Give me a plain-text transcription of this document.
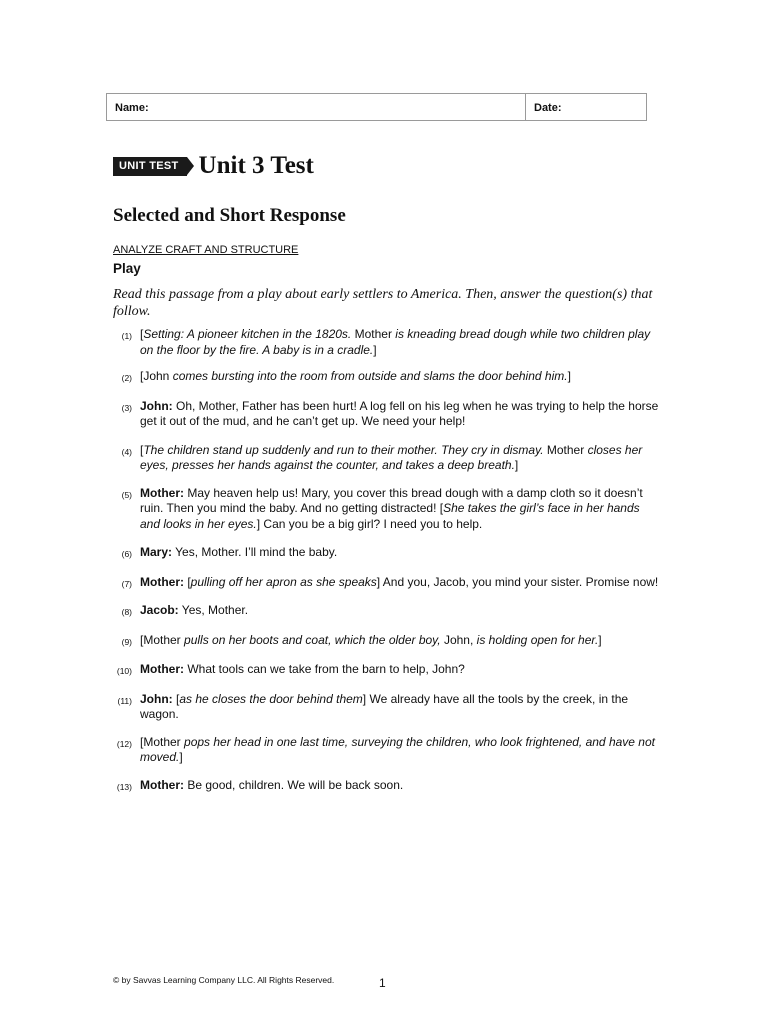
Name:	Date:
UNIT TEST Unit 3 Test
Selected and Short Response
ANALYZE CRAFT AND STRUCTURE
Play
Read this passage from a play about early settlers to America. Then, answer the question(s) that follow.
(1) [Setting: A pioneer kitchen in the 1820s. Mother is kneading bread dough while two children play on the floor by the fire. A baby is in a cradle.]
(2) [John comes bursting into the room from outside and slams the door behind him.]
(3) John: Oh, Mother, Father has been hurt! A log fell on his leg when he was trying to help the horse get it out of the mud, and he can’t get up. We need your help!
(4) [The children stand up suddenly and run to their mother. They cry in dismay. Mother closes her eyes, presses her hands against the counter, and takes a deep breath.]
(5) Mother: May heaven help us! Mary, you cover this bread dough with a damp cloth so it doesn’t ruin. Then you mind the baby. And no getting distracted! [She takes the girl’s face in her hands and looks in her eyes.] Can you be a big girl? I need you to help.
(6) Mary: Yes, Mother. I’ll mind the baby.
(7) Mother: [pulling off her apron as she speaks] And you, Jacob, you mind your sister. Promise now!
(8) Jacob: Yes, Mother.
(9) [Mother pulls on her boots and coat, which the older boy, John, is holding open for her.]
(10) Mother: What tools can we take from the barn to help, John?
(11) John: [as he closes the door behind them] We already have all the tools by the creek, in the wagon.
(12) [Mother pops her head in one last time, surveying the children, who look frightened, and have not moved.]
(13) Mother: Be good, children. We will be back soon.
© by Savvas Learning Company LLC. All Rights Reserved.	1
